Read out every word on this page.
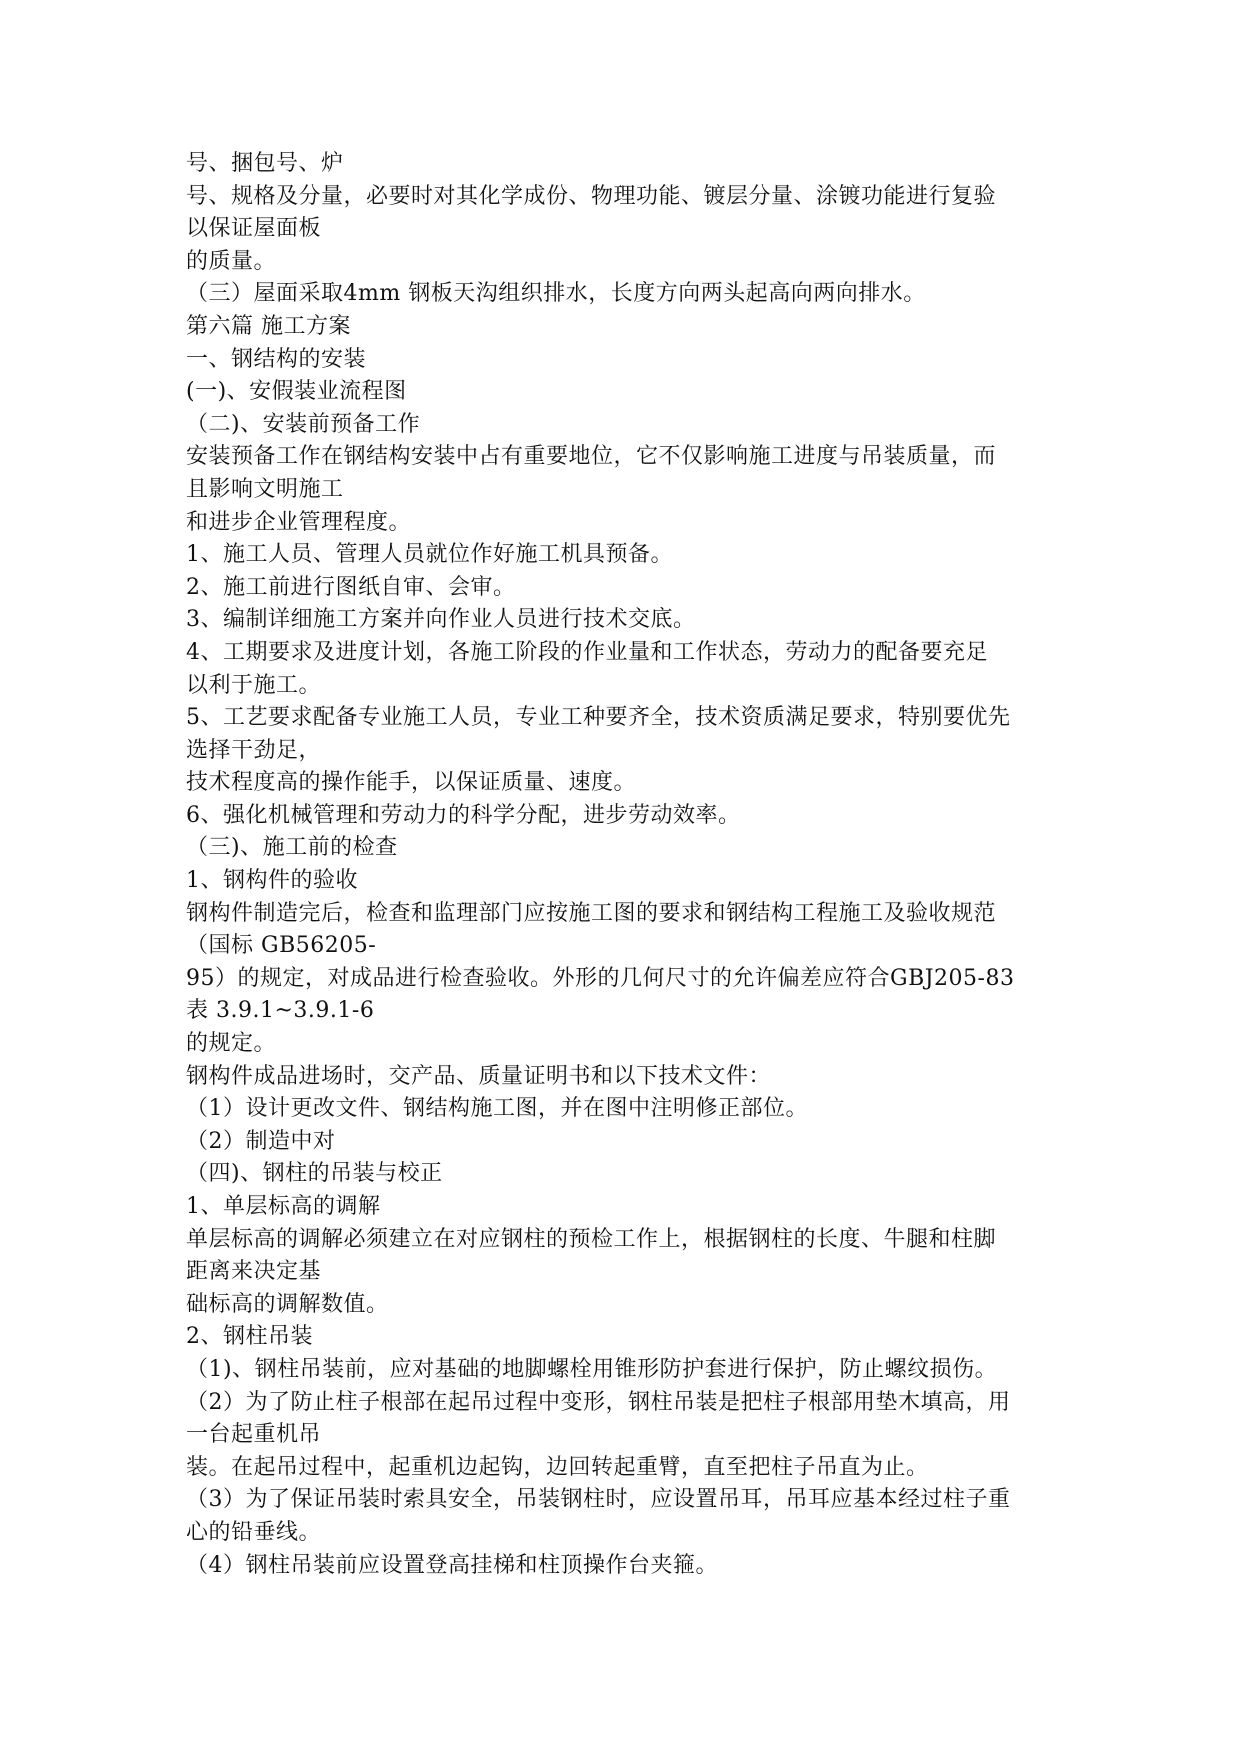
号、捆包号、炉
号、规格及分量，必要时对其化学成份、物理功能、镀层分量、涂镀功能进行复验
以保证屋面板
的质量。
（三）屋面采取4mm 钢板天沟组织排水，长度方向两头起高向两向排水。
第六篇 施工方案
一、钢结构的安装
(一)、安假装业流程图
（二)、安装前预备工作
安装预备工作在钢结构安装中占有重要地位，它不仅影响施工进度与吊装质量，而
且影响文明施工
和进步企业管理程度。
1、施工人员、管理人员就位作好施工机具预备。
2、施工前进行图纸自审、会审。
3、编制详细施工方案并向作业人员进行技术交底。
4、工期要求及进度计划，各施工阶段的作业量和工作状态，劳动力的配备要充足
以利于施工。
5、工艺要求配备专业施工人员，专业工种要齐全，技术资质满足要求，特别要优先
选择干劲足，
技术程度高的操作能手，以保证质量、速度。
6、强化机械管理和劳动力的科学分配，进步劳动效率。
（三)、施工前的检查
1、钢构件的验收
钢构件制造完后，检查和监理部门应按施工图的要求和钢结构工程施工及验收规范
（国标 GB56205-
95）的规定，对成品进行检查验收。外形的几何尺寸的允许偏差应符合GBJ205-83
表 3.9.1~3.9.1-6
的规定。
钢构件成品进场时，交产品、质量证明书和以下技术文件：
（1）设计更改文件、钢结构施工图，并在图中注明修正部位。
（2）制造中对
（四)、钢柱的吊装与校正
1、单层标高的调解
单层标高的调解必须建立在对应钢柱的预检工作上，根据钢柱的长度、牛腿和柱脚
距离来决定基
础标高的调解数值。
2、钢柱吊装
（1)、钢柱吊装前，应对基础的地脚螺栓用锥形防护套进行保护，防止螺纹损伤。
（2）为了防止柱子根部在起吊过程中变形，钢柱吊装是把柱子根部用垫木填高，用
一台起重机吊
装。在起吊过程中，起重机边起钩，边回转起重臂，直至把柱子吊直为止。
（3）为了保证吊装时索具安全，吊装钢柱时，应设置吊耳，吊耳应基本经过柱子重
心的铅垂线。
（4）钢柱吊装前应设置登高挂梯和柱顶操作台夹箍。
